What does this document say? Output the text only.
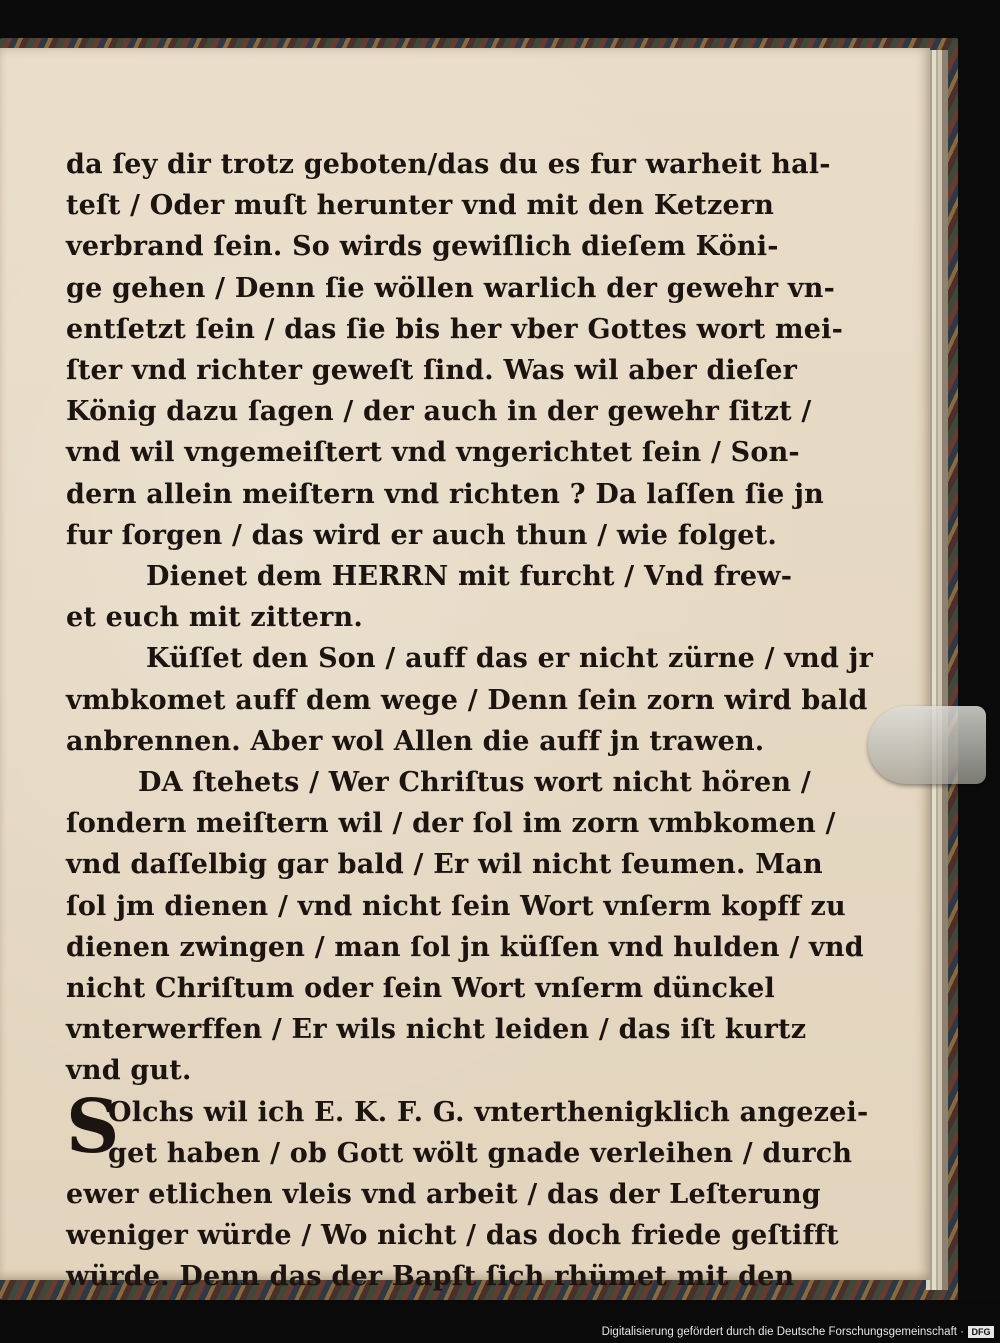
da ſey dir trotz geboten/das du es fur warheit hal-
teſt / Oder muſt herunter vnd mit den Ketzern
verbrand ſein. So wirds gewiſlich dieſem Köni-
ge gehen / Denn ſie wöllen warlich der gewehr vn-
entſetzt ſein / das ſie bis her vber Gottes wort mei-
ſter vnd richter geweſt ſind. Was wil aber dieſer
König dazu ſagen / der auch in der gewehr ſitzt /
vnd wil vngemeiſtert vnd vngerichtet ſein / Son-
dern allein meiſtern vnd richten ? Da laſſen ſie jn
fur ſorgen / das wird er auch thun / wie folget.
Dienet dem HERRN mit furcht / Vnd frew-
et euch mit zittern.
Küſſet den Son / auff das er nicht zürne / vnd jr
vmbkomet auff dem wege / Denn ſein zorn wird bald
anbrennen. Aber wol Allen die auff jn trawen.
DA ſtehets / Wer Chriſtus wort nicht hören /
ſondern meiſtern wil / der ſol im zorn vmbkomen /
vnd daſſelbig gar bald / Er wil nicht ſeumen. Man
ſol jm dienen / vnd nicht ſein Wort vnſerm kopff zu
dienen zwingen / man ſol jn küſſen vnd hulden / vnd
nicht Chriſtum oder ſein Wort vnſerm dünckel
vnterwerffen / Er wils nicht leiden / das iſt kurtz
vnd gut.
S
Olchs wil ich E. K. F. G. vnterthenigklich angezei-
get haben / ob Gott wölt gnade verleihen / durch
ewer etlichen vleis vnd arbeit / das der Leſterung
weniger würde / Wo nicht / das doch friede geſtifft
würde. Denn das der Bapſt ſich rhümet mit den
Digitalisierung gefördert durch die Deutsche Forschungsgemeinschaft · DFG
